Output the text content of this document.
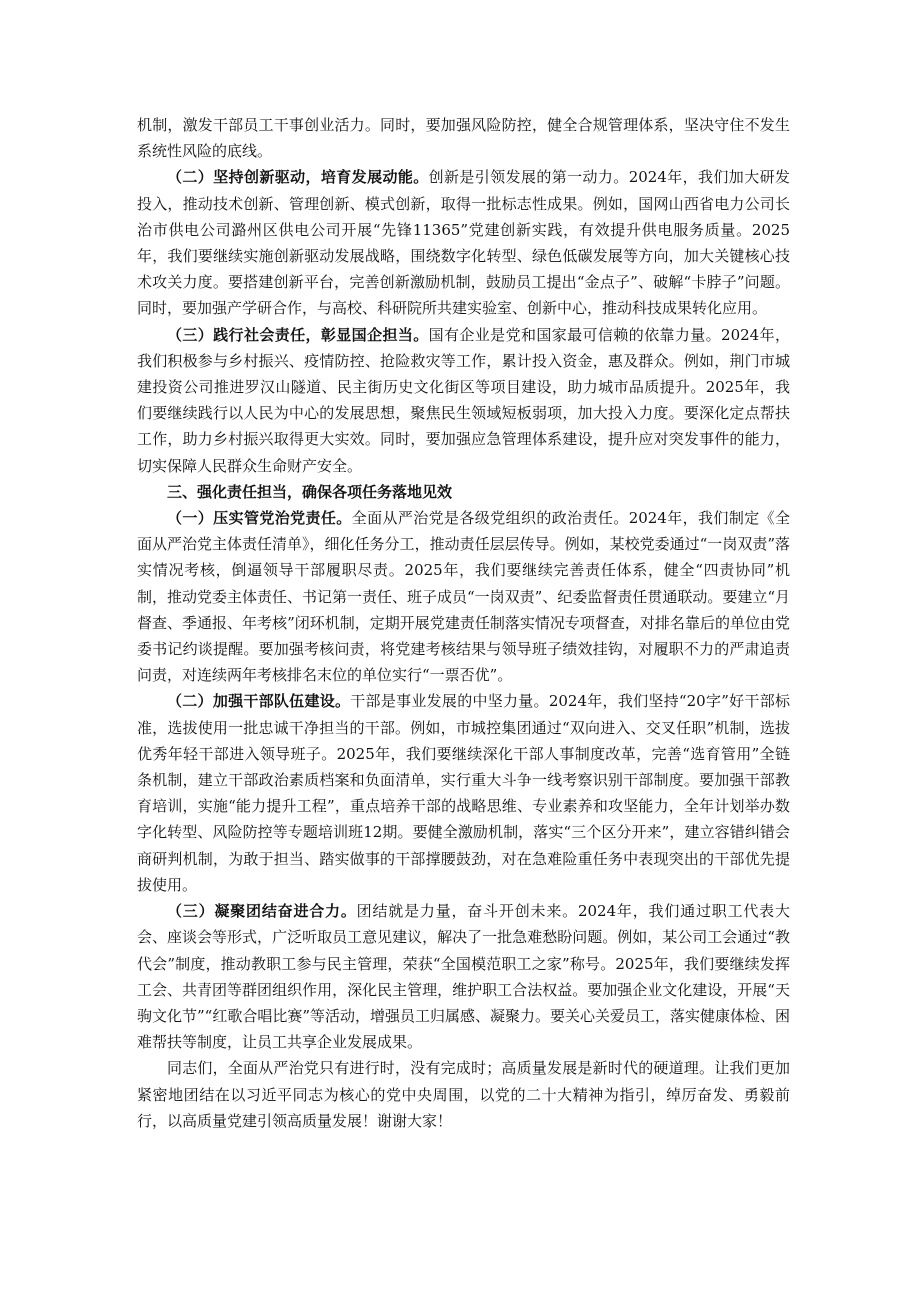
机制，激发干部员工干事创业活力。同时，要加强风险防控，健全合规管理体系，坚决守住不发生系统性风险的底线。

（二）坚持创新驱动，培育发展动能。创新是引领发展的第一动力。2024年，我们加大研发投入，推动技术创新、管理创新、模式创新，取得一批标志性成果。例如，国网山西省电力公司长治市供电公司潞州区供电公司开展“先锋11365”党建创新实践，有效提升供电服务质量。2025年，我们要继续实施创新驱动发展战略，围绕数字化转型、绿色低碳发展等方向，加大关键核心技术攻关力度。要搭建创新平台，完善创新激励机制，鼓励员工提出“金点子”、破解“卡脖子”问题。同时，要加强产学研合作，与高校、科研院所共建实验室、创新中心，推动科技成果转化应用。

（三）践行社会责任，彰显国企担当。国有企业是党和国家最可信赖的依靠力量。2024年，我们积极参与乡村振兴、疫情防控、抢险救灾等工作，累计投入资金，惠及群众。例如，荆门市城建投资公司推进罗汉山隧道、民主街历史文化街区等项目建设，助力城市品质提升。2025年，我们要继续践行以人民为中心的发展思想，聚焦民生领域短板弱项，加大投入力度。要深化定点帮扶工作，助力乡村振兴取得更大实效。同时，要加强应急管理体系建设，提升应对突发事件的能力，切实保障人民群众生命财产安全。

三、强化责任担当，确保各项任务落地见效

（一）压实管党治党责任。全面从严治党是各级党组织的政治责任。2024年，我们制定《全面从严治党主体责任清单》，细化任务分工，推动责任层层传导。例如，某校党委通过“一岗双责”落实情况考核，倒逼领导干部履职尽责。2025年，我们要继续完善责任体系，健全“四责协同”机制，推动党委主体责任、书记第一责任、班子成员“一岗双责”、纪委监督责任贯通联动。要建立“月督查、季通报、年考核”闭环机制，定期开展党建责任制落实情况专项督查，对排名靠后的单位由党委书记约谈提醒。要加强考核问责，将党建考核结果与领导班子绩效挂钩，对履职不力的严肃追责问责，对连续两年考核排名末位的单位实行“一票否优”。

（二）加强干部队伍建设。干部是事业发展的中坚力量。2024年，我们坚持“20字”好干部标准，选拔使用一批忠诚干净担当的干部。例如，市城控集团通过“双向进入、交叉任职”机制，选拔优秀年轻干部进入领导班子。2025年，我们要继续深化干部人事制度改革，完善“选育管用”全链条机制，建立干部政治素质档案和负面清单，实行重大斗争一线考察识别干部制度。要加强干部教育培训，实施“能力提升工程”，重点培养干部的战略思维、专业素养和攻坚能力，全年计划举办数字化转型、风险防控等专题培训班12期。要健全激励机制，落实“三个区分开来”，建立容错纠错会商研判机制，为敢于担当、踏实做事的干部撑腰鼓劲，对在急难险重任务中表现突出的干部优先提拔使用。

（三）凝聚团结奋进合力。团结就是力量，奋斗开创未来。2024年，我们通过职工代表大会、座谈会等形式，广泛听取员工意见建议，解决了一批急难愁盼问题。例如，某公司工会通过“教代会”制度，推动教职工参与民主管理，荣获“全国模范职工之家”称号。2025年，我们要继续发挥工会、共青团等群团组织作用，深化民主管理，维护职工合法权益。要加强企业文化建设，开展“天驹文化节”“红歌合唱比赛”等活动，增强员工归属感、凝聚力。要关心关爱员工，落实健康体检、困难帮扶等制度，让员工共享企业发展成果。

同志们，全面从严治党只有进行时，没有完成时；高质量发展是新时代的硬道理。让我们更加紧密地团结在以习近平同志为核心的党中央周围，以党的二十大精神为指引，绰厉奋发、勇毅前行，以高质量党建引领高质量发展！谢谢大家！
